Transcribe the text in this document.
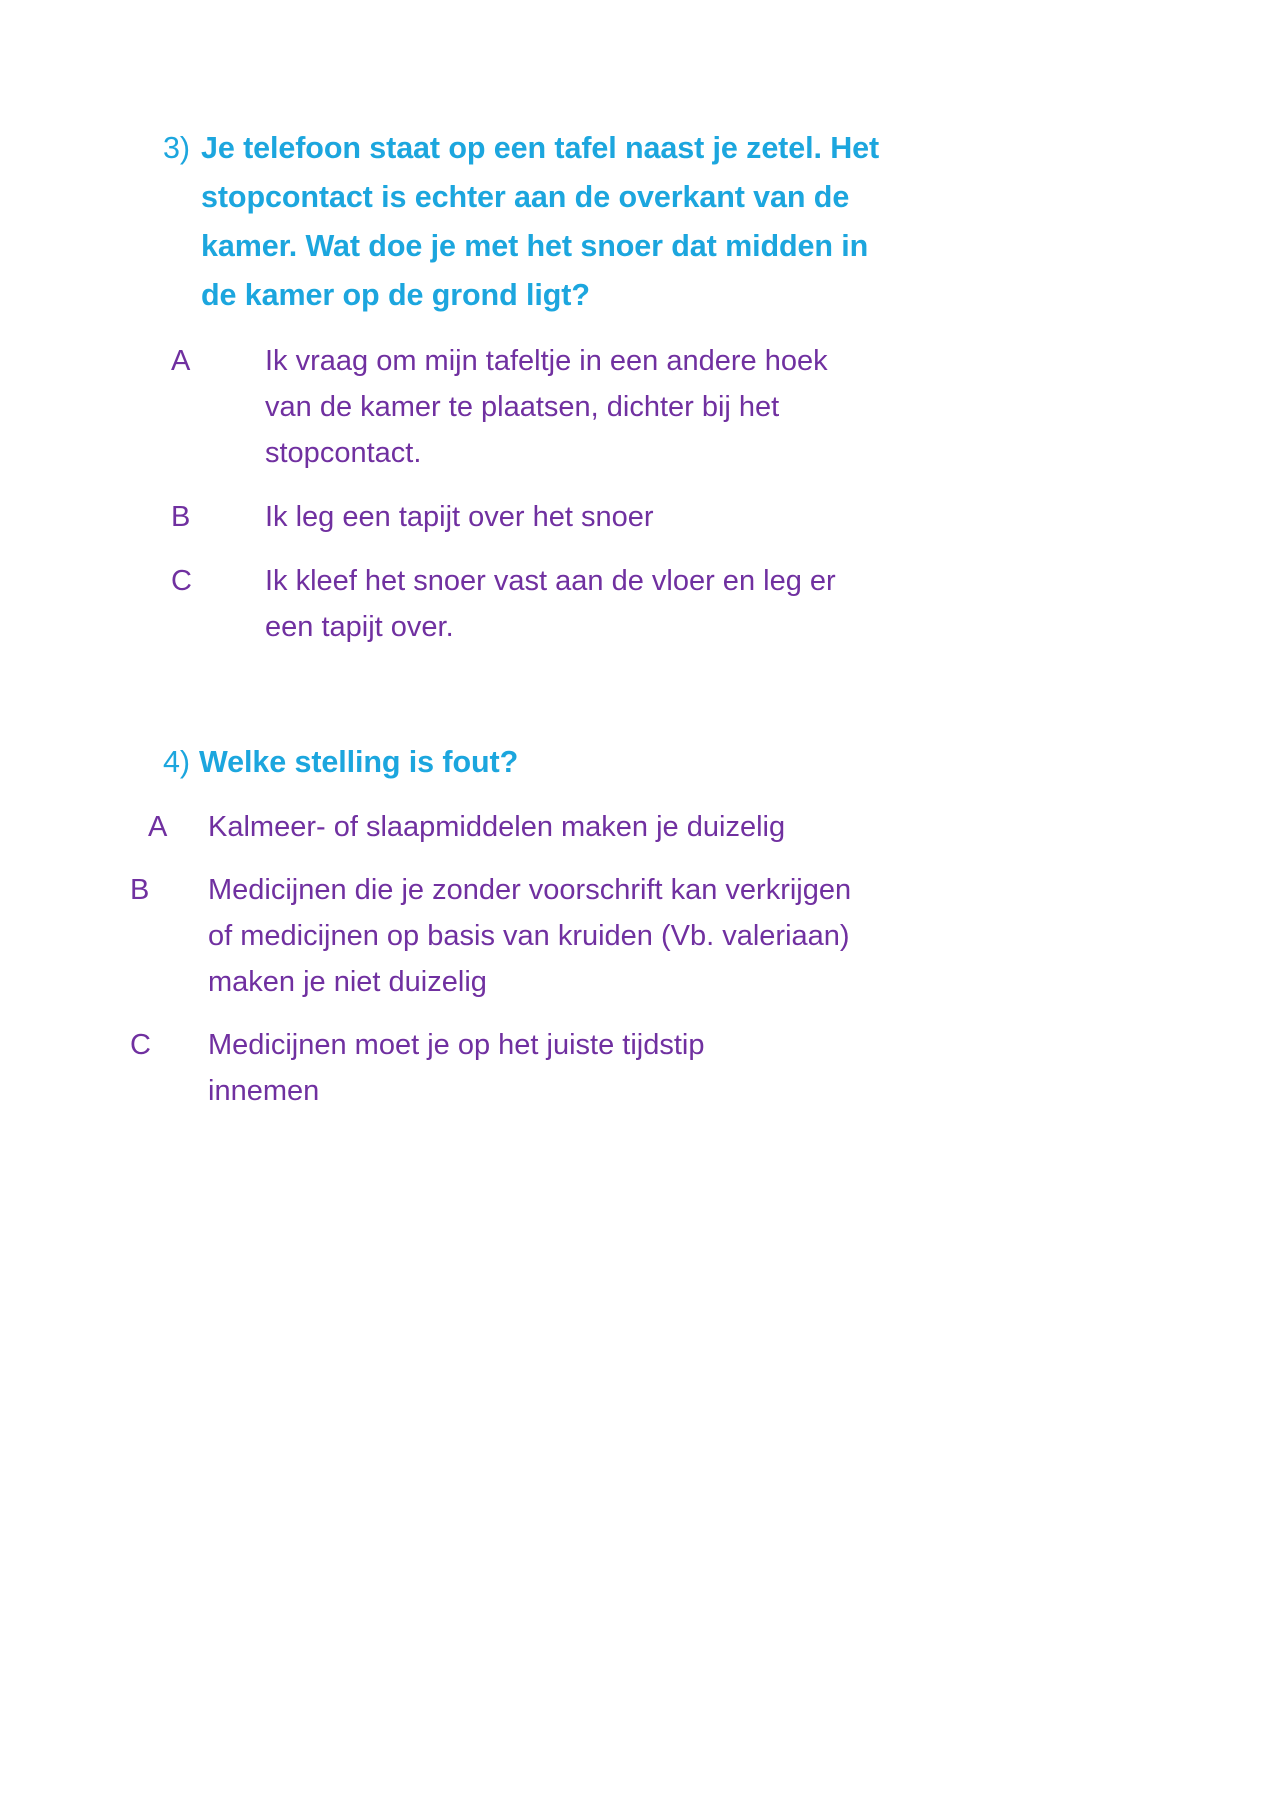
3) Je telefoon staat op een tafel naast je zetel. Het
stopcontact is echter aan de overkant van de
kamer. Wat doe je met het snoer dat midden in
de kamer op de grond ligt?
A	Ik vraag om mijn tafeltje in een andere hoek
van de kamer te plaatsen, dichter bij het
stopcontact.
B	Ik leg een tapijt over het snoer
C	Ik kleef het snoer vast aan de vloer en leg er
een tapijt over.
4) Welke stelling is fout?
A	Kalmeer- of slaapmiddelen maken je duizelig
B	Medicijnen die je zonder voorschrift kan verkrijgen
of medicijnen op basis van kruiden (Vb. valeriaan)
maken je niet duizelig
C	Medicijnen moet je op het juiste tijdstip
innemen
